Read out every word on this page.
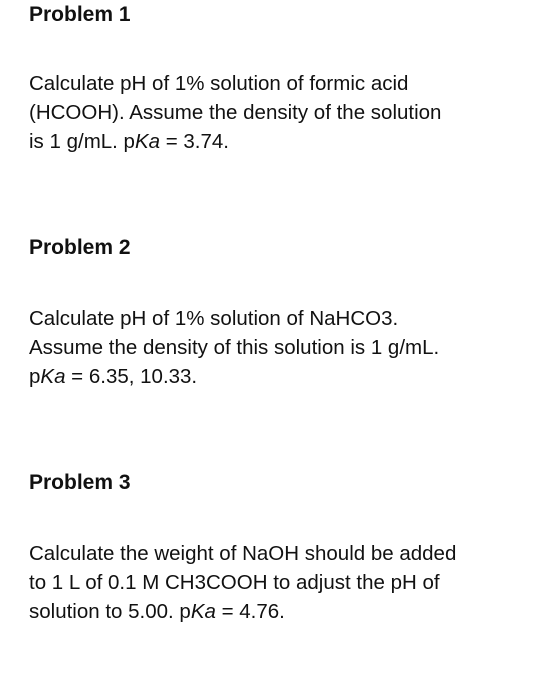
Problem 1

Calculate pH of 1% solution of formic acid
(HCOOH). Assume the density of the solution
is 1 g/mL. pKa = 3.74.

Problem 2

Calculate pH of 1% solution of NaHCO3.
Assume the density of this solution is 1 g/mL.
pKa = 6.35, 10.33.

Problem 3

Calculate the weight of NaOH should be added
to 1 L of 0.1 M CH3COOH to adjust the pH of
solution to 5.00. pKa = 4.76.
